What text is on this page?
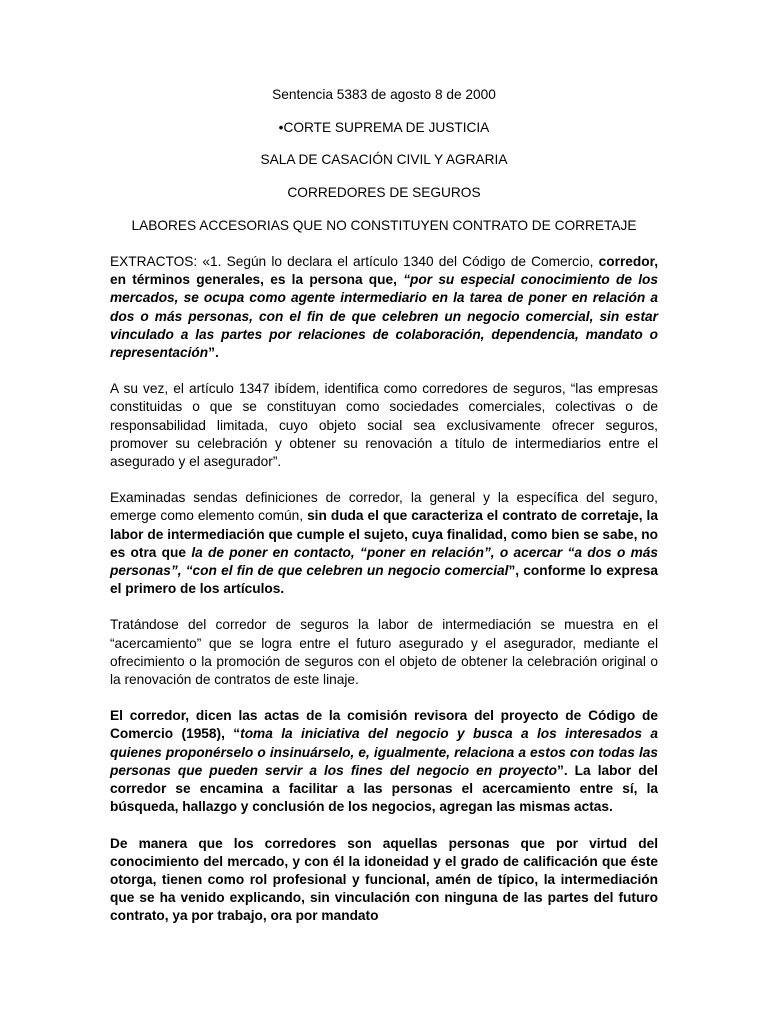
Sentencia 5383 de agosto 8 de 2000
•CORTE SUPREMA DE JUSTICIA
SALA DE CASACIÓN CIVIL Y AGRARIA
CORREDORES DE SEGUROS
LABORES ACCESORIAS QUE NO CONSTITUYEN CONTRATO DE CORRETAJE

EXTRACTOS: «1. Según lo declara el artículo 1340 del Código de Comercio, corredor, en términos generales, es la persona que, “por su especial conocimiento de los mercados, se ocupa como agente intermediario en la tarea de poner en relación a dos o más personas, con el fin de que celebren un negocio comercial, sin estar vinculado a las partes por relaciones de colaboración, dependencia, mandato o representación”.

A su vez, el artículo 1347 ibídem, identifica como corredores de seguros, “las empresas constituidas o que se constituyan como sociedades comerciales, colectivas o de responsabilidad limitada, cuyo objeto social sea exclusivamente ofrecer seguros, promover su celebración y obtener su renovación a título de intermediarios entre el asegurado y el asegurador”.

Examinadas sendas definiciones de corredor, la general y la específica del seguro, emerge como elemento común, sin duda el que caracteriza el contrato de corretaje, la labor de intermediación que cumple el sujeto, cuya finalidad, como bien se sabe, no es otra que la de poner en contacto, “poner en relación”, o acercar “a dos o más personas”, “con el fin de que celebren un negocio comercial”, conforme lo expresa el primero de los artículos.

Tratándose del corredor de seguros la labor de intermediación se muestra en el “acercamiento” que se logra entre el futuro asegurado y el asegurador, mediante el ofrecimiento o la promoción de seguros con el objeto de obtener la celebración original o la renovación de contratos de este linaje.

El corredor, dicen las actas de la comisión revisora del proyecto de Código de Comercio (1958), “toma la iniciativa del negocio y busca a los interesados a quienes proponérselo o insinuárselo, e, igualmente, relaciona a estos con todas las personas que pueden servir a los fines del negocio en proyecto”. La labor del corredor se encamina a facilitar a las personas el acercamiento entre sí, la búsqueda, hallazgo y conclusión de los negocios, agregan las mismas actas.

De manera que los corredores son aquellas personas que por virtud del conocimiento del mercado, y con él la idoneidad y el grado de calificación que éste otorga, tienen como rol profesional y funcional, amén de típico, la intermediación que se ha venido explicando, sin vinculación con ninguna de las partes del futuro contrato, ya por trabajo, ora por mandato
